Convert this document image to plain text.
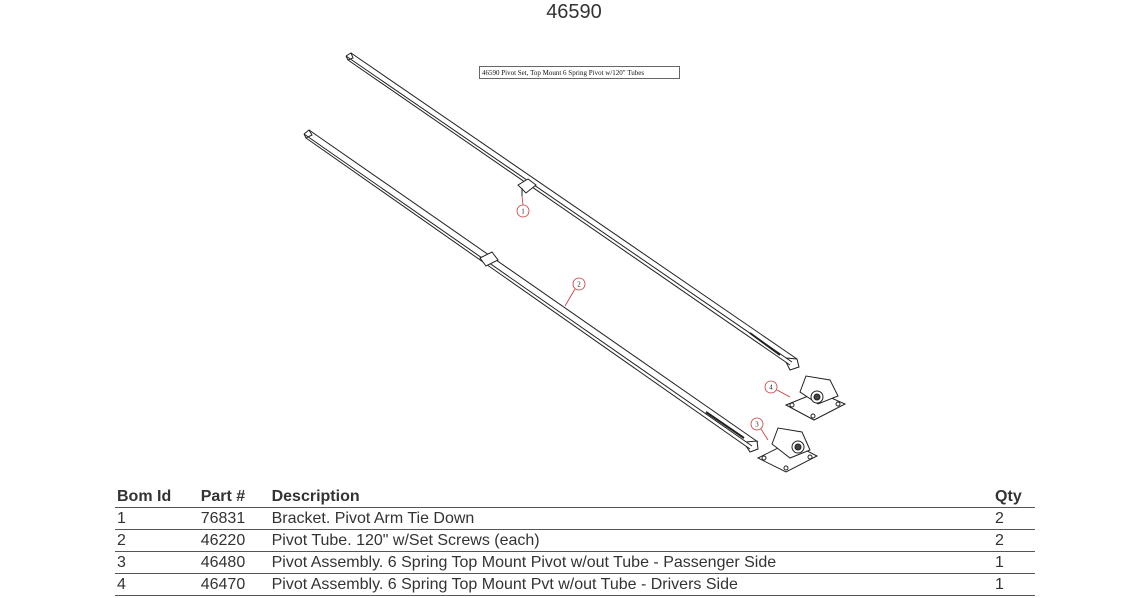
46590
1
2
3
4
46590 Pivot Set, Top Mount 6 Spring Pivot w/120" Tubes
Bom Id	Part #	Description	Qty
1	76831	Bracket. Pivot Arm Tie Down	2
2	46220	Pivot Tube. 120" w/Set Screws (each)	2
3	46480	Pivot Assembly. 6 Spring Top Mount Pivot w/out Tube - Passenger Side	1
4	46470	Pivot Assembly. 6 Spring Top Mount Pvt w/out Tube - Drivers Side	1
